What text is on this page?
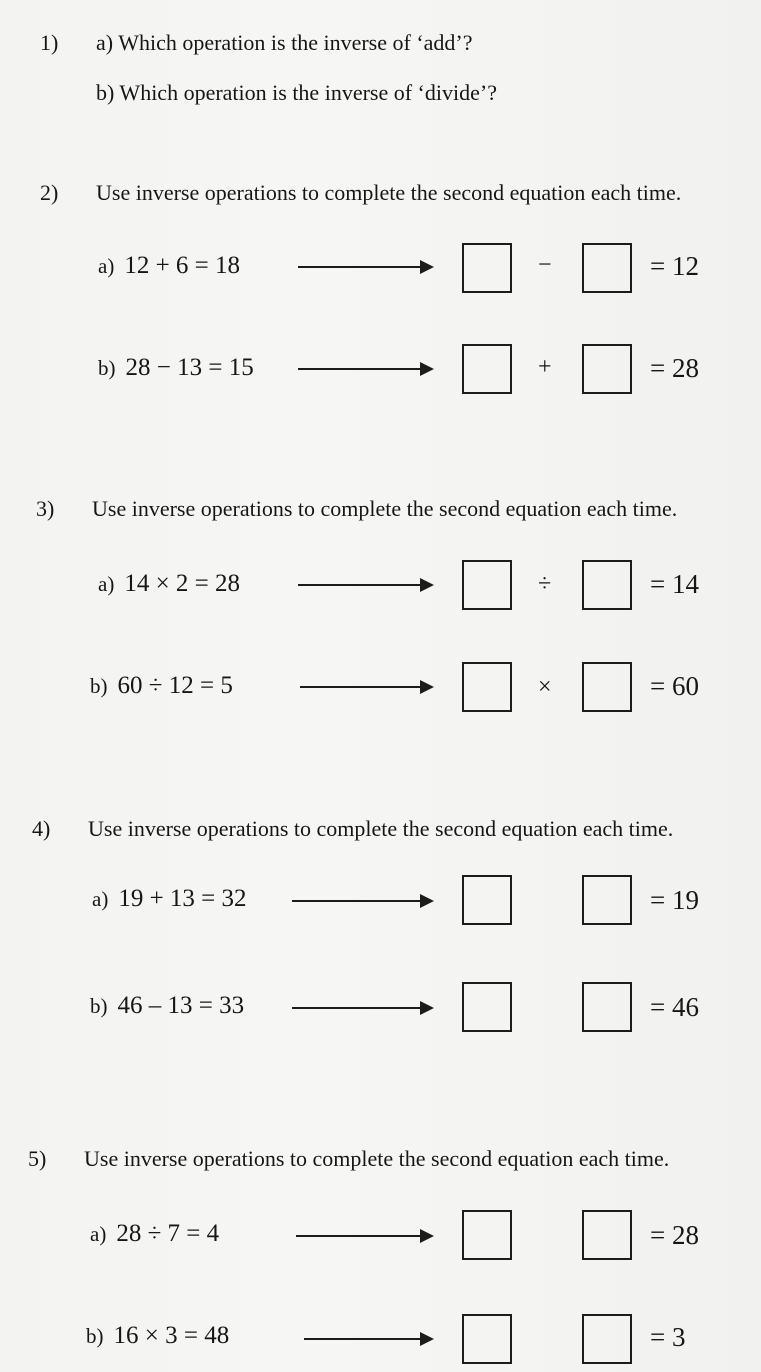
1) a) Which operation is the inverse of ‘add’?
b) Which operation is the inverse of ‘divide’?
2) Use inverse operations to complete the second equation each time.
a) 12 + 6 = 18	−	= 12
b) 28 − 13 = 15	+	= 28
3) Use inverse operations to complete the second equation each time.
a) 14 × 2 = 28	÷	= 14
b) 60 ÷ 12 = 5	×	= 60
4) Use inverse operations to complete the second equation each time.
a) 19 + 13 = 32	= 19
b) 46 – 13 = 33	= 46
5) Use inverse operations to complete the second equation each time.
a) 28 ÷ 7 = 4	= 28
b) 16 × 3 = 48	= 3
